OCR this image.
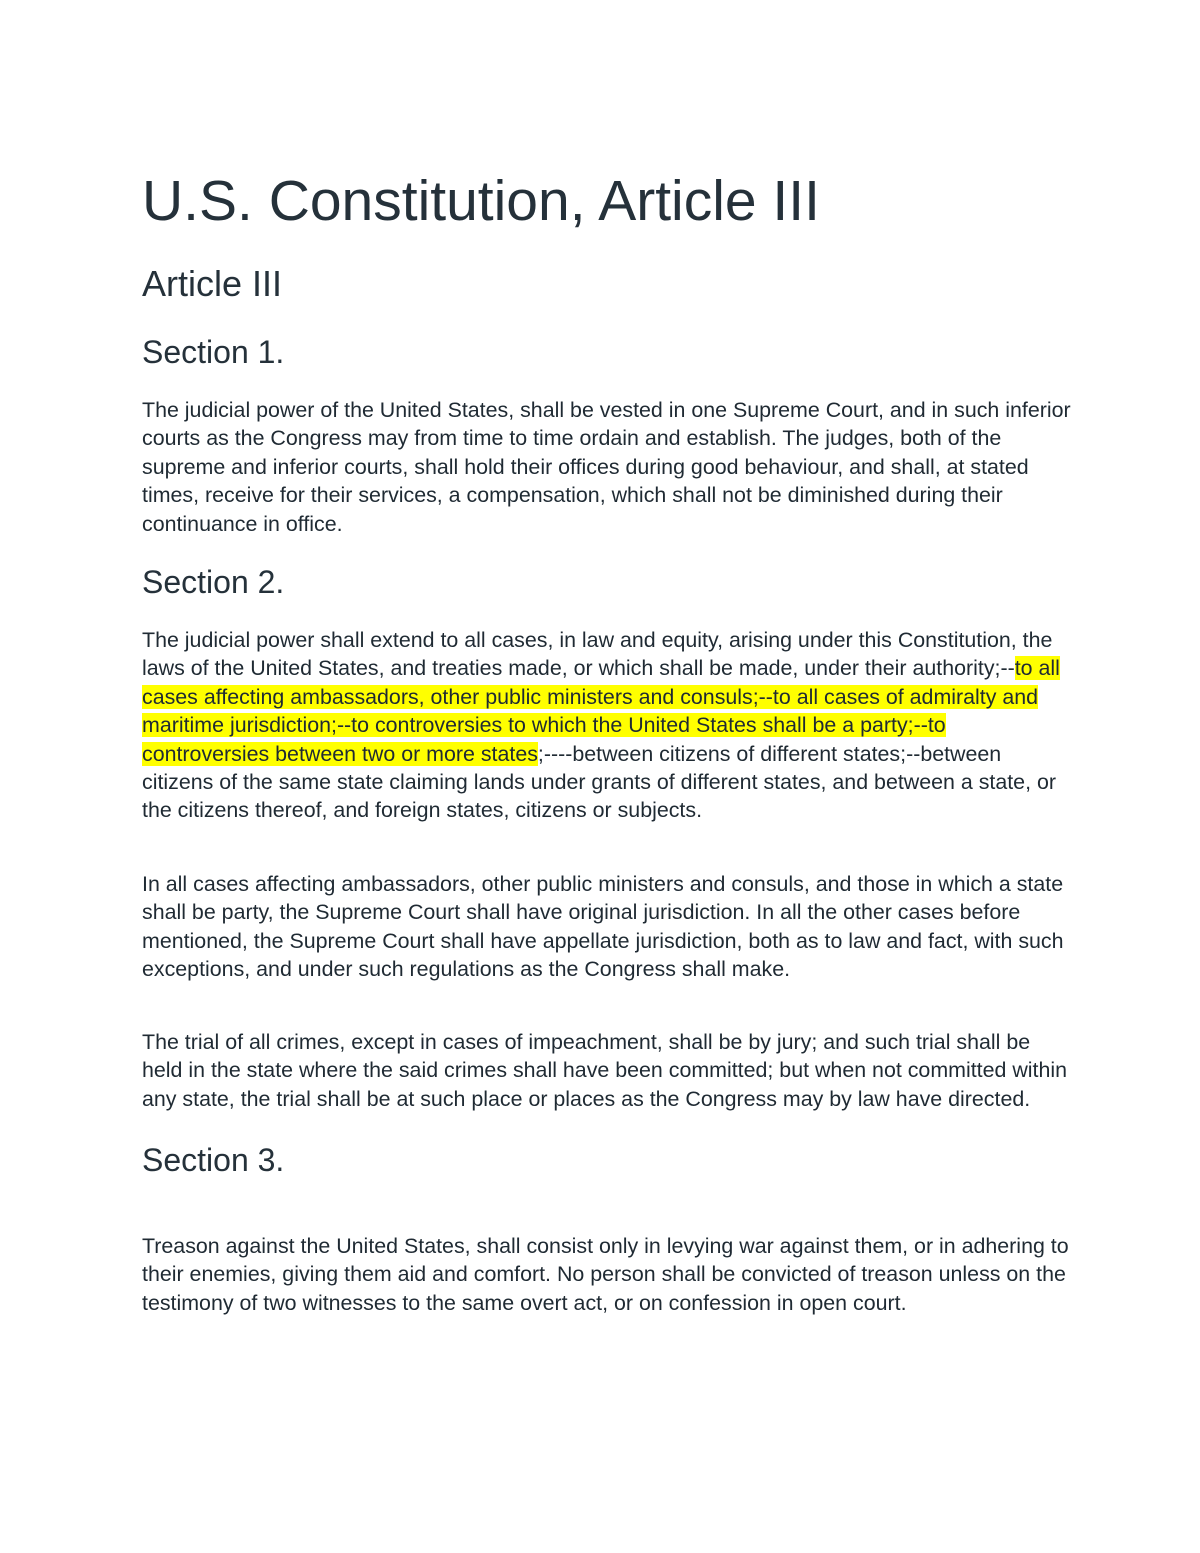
U.S. Constitution, Article III
Article III
Section 1.

The judicial power of the United States, shall be vested in one Supreme Court, and in such inferior courts as the Congress may from time to time ordain and establish. The judges, both of the supreme and inferior courts, shall hold their offices during good behaviour, and shall, at stated times, receive for their services, a compensation, which shall not be diminished during their continuance in office.

Section 2.

The judicial power shall extend to all cases, in law and equity, arising under this Constitution, the laws of the United States, and treaties made, or which shall be made, under their authority;--to all cases affecting ambassadors, other public ministers and consuls;--to all cases of admiralty and maritime jurisdiction;--to controversies to which the United States shall be a party;--to controversies between two or more states;----between citizens of different states;--between citizens of the same state claiming lands under grants of different states, and between a state, or the citizens thereof, and foreign states, citizens or subjects.

In all cases affecting ambassadors, other public ministers and consuls, and those in which a state shall be party, the Supreme Court shall have original jurisdiction. In all the other cases before mentioned, the Supreme Court shall have appellate jurisdiction, both as to law and fact, with such exceptions, and under such regulations as the Congress shall make.

The trial of all crimes, except in cases of impeachment, shall be by jury; and such trial shall be held in the state where the said crimes shall have been committed; but when not committed within any state, the trial shall be at such place or places as the Congress may by law have directed.

Section 3.

Treason against the United States, shall consist only in levying war against them, or in adhering to their enemies, giving them aid and comfort. No person shall be convicted of treason unless on the testimony of two witnesses to the same overt act, or on confession in open court.
